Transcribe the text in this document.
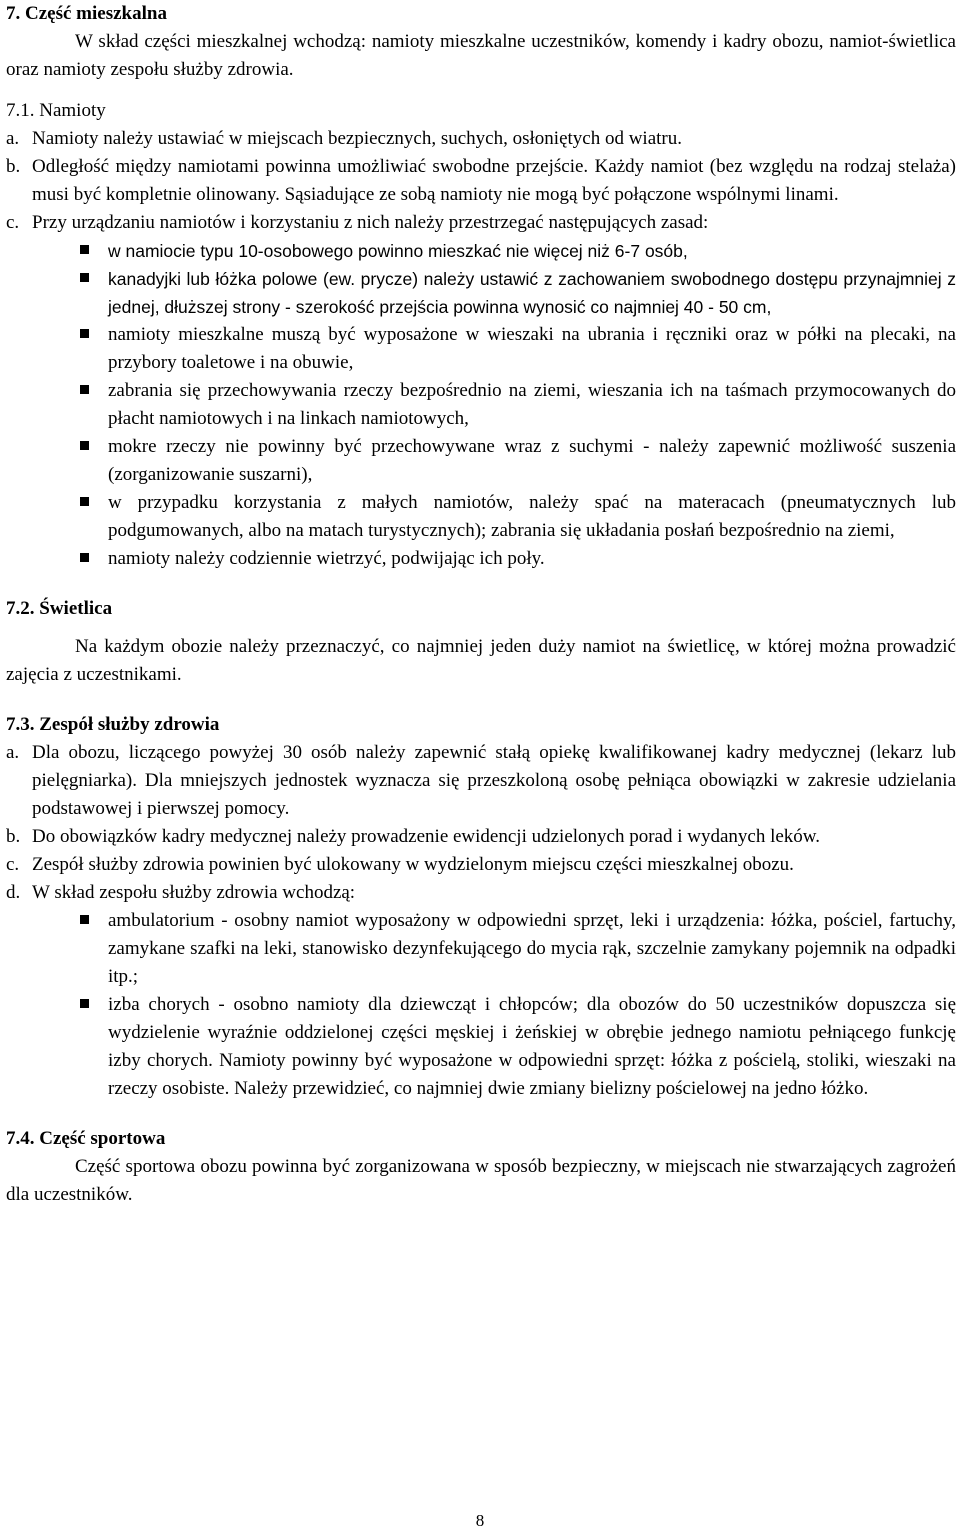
7. Część mieszkalna

W skład części mieszkalnej wchodzą: namioty mieszkalne uczestników, komendy i kadry obozu, namiot-świetlica oraz namioty zespołu służby zdrowia.

7.1. Namioty

a. Namioty należy ustawiać w miejscach bezpiecznych, suchych, osłoniętych od wiatru.
b. Odległość między namiotami powinna umożliwiać swobodne przejście. Każdy namiot (bez względu na rodzaj stelaża) musi być kompletnie olinowany. Sąsiadujące ze sobą namioty nie mogą być połączone wspólnymi linami.
c. Przy urządzaniu namiotów i korzystaniu z nich należy przestrzegać następujących zasad:
w namiocie typu 10-osobowego powinno mieszkać nie więcej niż 6-7 osób,
kanadyjki lub łóżka polowe (ew. prycze) należy ustawić z zachowaniem swobodnego dostępu przynajmniej z jednej, dłuższej strony - szerokość przejścia powinna wynosić co najmniej 40 - 50 cm,
namioty mieszkalne muszą być wyposażone w wieszaki na ubrania i ręczniki oraz w półki na plecaki, na przybory toaletowe i na obuwie,
zabrania się przechowywania rzeczy bezpośrednio na ziemi, wieszania ich na taśmach przymocowanych do płacht namiotowych i na linkach namiotowych,
mokre rzeczy nie powinny być przechowywane wraz z suchymi - należy zapewnić możliwość suszenia (zorganizowanie suszarni),
w przypadku korzystania z małych namiotów, należy spać na materacach (pneumatycznych lub podgumowanych, albo na matach turystycznych); zabrania się układania posłań bezpośrednio na ziemi,
namioty należy codziennie wietrzyć, podwijając ich poły.

7.2. Świetlica

Na każdym obozie należy przeznaczyć, co najmniej jeden duży namiot na świetlicę, w której można prowadzić zajęcia z uczestnikami.

7.3. Zespół służby zdrowia

a. Dla obozu, liczącego powyżej 30 osób należy zapewnić stałą opiekę kwalifikowanej kadry medycznej (lekarz lub pielęgniarka). Dla mniejszych jednostek wyznacza się przeszkoloną osobę pełniąca obowiązki w zakresie udzielania podstawowej i pierwszej pomocy.
b. Do obowiązków kadry medycznej należy prowadzenie ewidencji udzielonych porad i wydanych leków.
c. Zespół służby zdrowia powinien być ulokowany w wydzielonym miejscu części mieszkalnej obozu.
d. W skład zespołu służby zdrowia wchodzą:
ambulatorium - osobny namiot wyposażony w odpowiedni sprzęt, leki i urządzenia: łóżka, pościel, fartuchy, zamykane szafki na leki, stanowisko dezynfekującego do mycia rąk, szczelnie zamykany pojemnik na odpadki itp.;
izba chorych - osobno namioty dla dziewcząt i chłopców; dla obozów do 50 uczestników dopuszcza się wydzielenie wyraźnie oddzielonej części męskiej i żeńskiej w obrębie jednego namiotu pełniącego funkcję izby chorych. Namioty powinny być wyposażone w odpowiedni sprzęt: łóżka z pościelą, stoliki, wieszaki na rzeczy osobiste. Należy przewidzieć, co najmniej dwie zmiany bielizny pościelowej na jedno łóżko.

7.4. Część sportowa

Część sportowa obozu powinna być zorganizowana w sposób bezpieczny, w miejscach nie stwarzających zagrożeń dla uczestników.

8
